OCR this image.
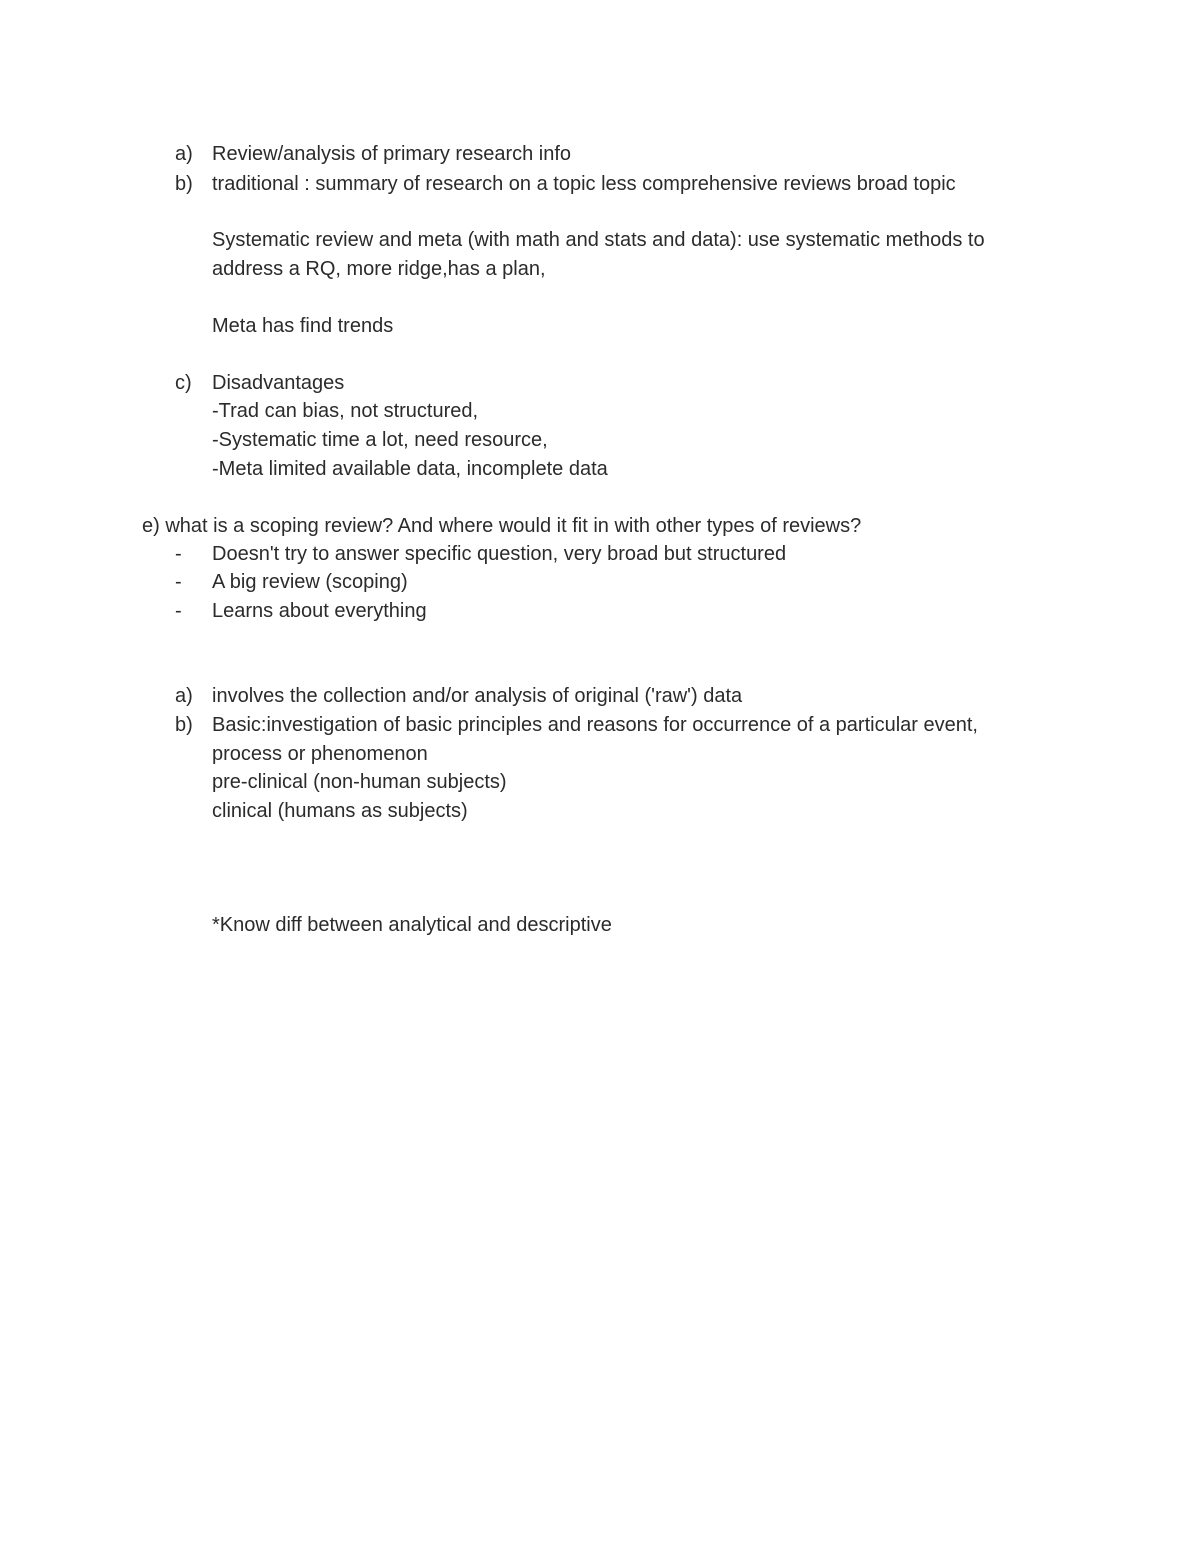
a) Review/analysis of primary research info
b) traditional : summary of research on a topic less comprehensive reviews broad topic
Systematic review and meta (with math and stats and data): use systematic methods to
address a RQ, more ridge,has a plan,
Meta has find trends
c) Disadvantages
-Trad can bias, not structured,
-Systematic time a lot, need resource,
-Meta limited available data, incomplete data
e) what is a scoping review? And where would it fit in with other types of reviews?
- Doesn't try to answer specific question, very broad but structured
- A big review (scoping)
- Learns about everything
a) involves the collection and/or analysis of original ('raw') data
b) Basic:investigation of basic principles and reasons for occurrence of a particular event,
process or phenomenon
pre-clinical (non-human subjects)
clinical (humans as subjects)
*Know diff between analytical and descriptive
